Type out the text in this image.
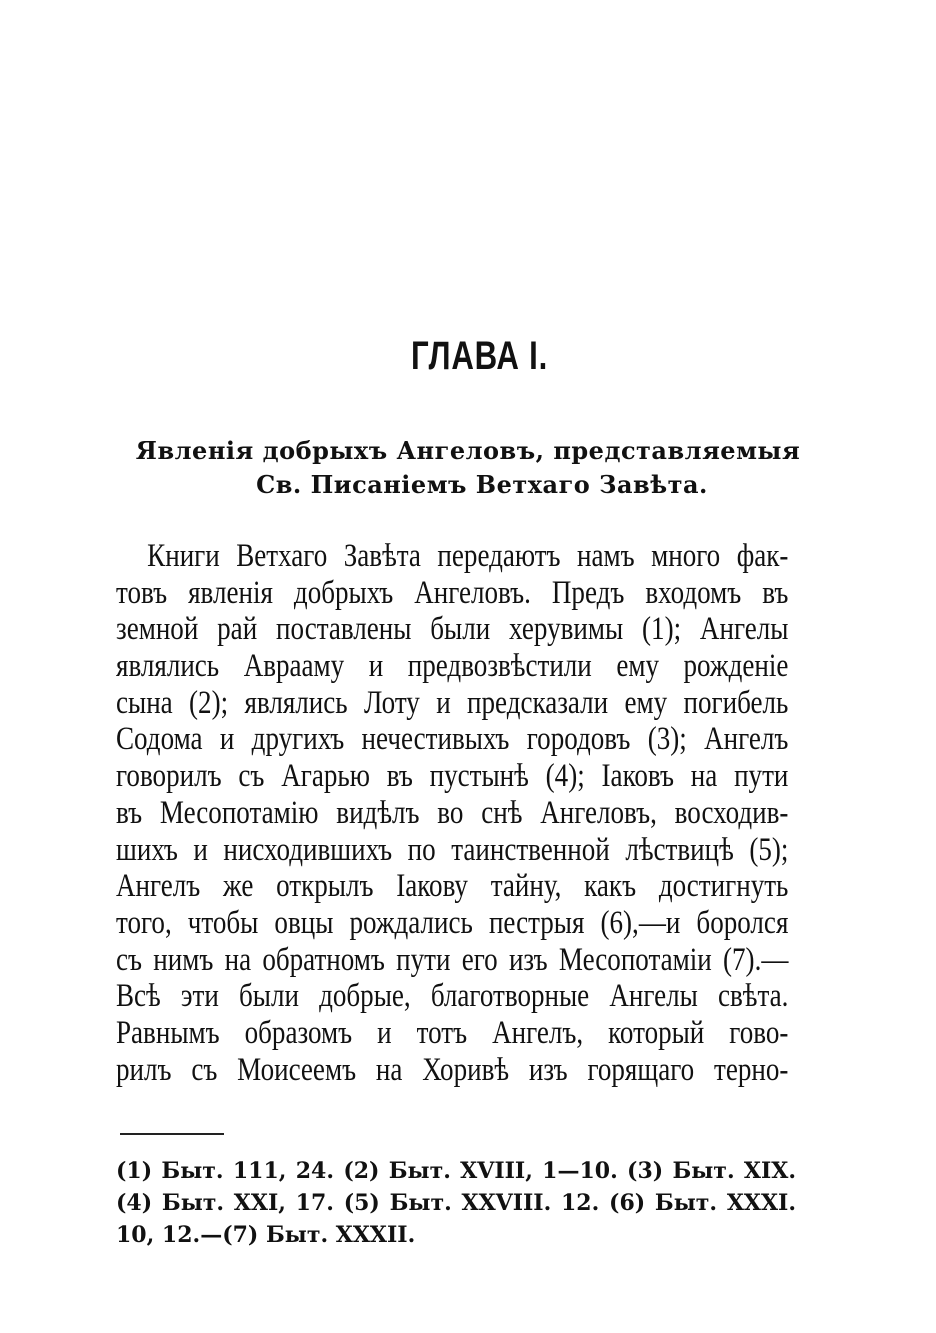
ГЛАВА I.
Явленія добрыхъ Ангеловъ, представляемыя
Св. Писаніемъ Ветхаго Завѣта.
Книги Ветхаго Завѣта передаютъ намъ много фак-
товъ явленія добрыхъ Ангеловъ. Предъ входомъ въ
земной рай поставлены были херувимы (1); Ангелы
являлись Аврааму и предвозвѣстили ему рожденіе
сына (2); являлись Лоту и предсказали ему погибель
Содома и другихъ нечестивыхъ городовъ (3); Ангелъ
говорилъ съ Агарью въ пустынѣ (4); Іаковъ на пути
въ Месопотамію видѣлъ во снѣ Ангеловъ, восходив-
шихъ и нисходившихъ по таинственной лѣствицѣ (5);
Ангелъ же открылъ Іакову тайну, какъ достигнуть
того, чтобы овцы рождались пестрыя (6),—и боролся
съ нимъ на обратномъ пути его изъ Месопотаміи (7).—
Всѣ эти были добрые, благотворные Ангелы свѣта.
Равнымъ образомъ и тотъ Ангелъ, который гово-
рилъ съ Моисеемъ на Хоривѣ изъ горящаго терно-
(1) Быт. 111, 24. (2) Быт. XVIII, 1—10. (3) Быт. XIX.
(4) Быт. XXI, 17. (5) Быт. XXVIII. 12. (6) Быт. XXXI.
10, 12.—(7) Быт. XXXII.
